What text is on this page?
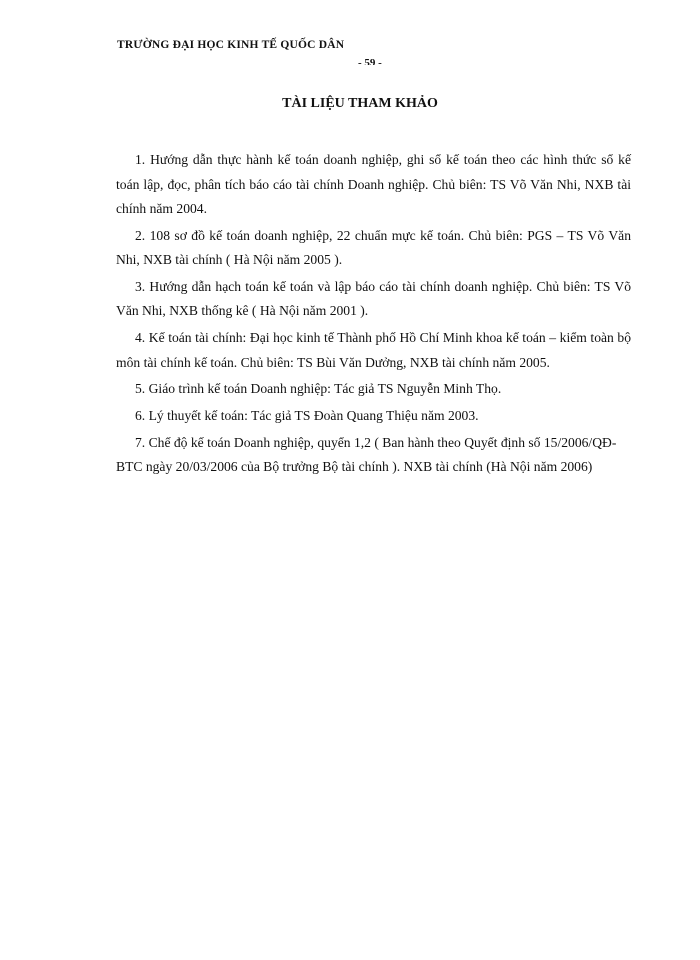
TRƯỜNG ĐẠI HỌC KINH TẾ QUỐC DÂN
- 59 -
TÀI LIỆU THAM KHẢO
1. Hướng dẫn thực hành kế toán doanh nghiệp, ghi sổ kế toán theo các hình thức sổ kế toán lập, đọc, phân tích báo cáo tài chính Doanh nghiệp. Chủ biên: TS Võ Văn Nhi, NXB tài chính năm 2004.
2. 108 sơ đồ kế toán doanh nghiệp, 22 chuẩn mực kế toán. Chủ biên: PGS – TS Võ Văn Nhi, NXB tài chính ( Hà Nội năm 2005 ).
3. Hướng dẫn hạch toán kế toán và lập báo cáo tài chính doanh nghiệp. Chủ biên: TS Võ Văn Nhi, NXB thống kê ( Hà Nội năm 2001 ).
4. Kế toán tài chính: Đại học kinh tế Thành phố Hồ Chí Minh khoa kế toán – kiểm toàn bộ môn tài chính kế toán. Chủ biên: TS Bùi Văn Dưởng, NXB tài chính năm 2005.
5. Giáo trình kế toán Doanh nghiệp: Tác giả TS Nguyễn Minh Thọ.
6. Lý thuyết kế toán: Tác giả TS Đoàn Quang Thiệu năm 2003.
7. Chế độ kế toán Doanh nghiệp, quyển 1,2 ( Ban hành theo Quyết định số 15/2006/QĐ-BTC ngày 20/03/2006 của Bộ trưởng Bộ tài chính ). NXB tài chính (Hà Nội năm 2006)
